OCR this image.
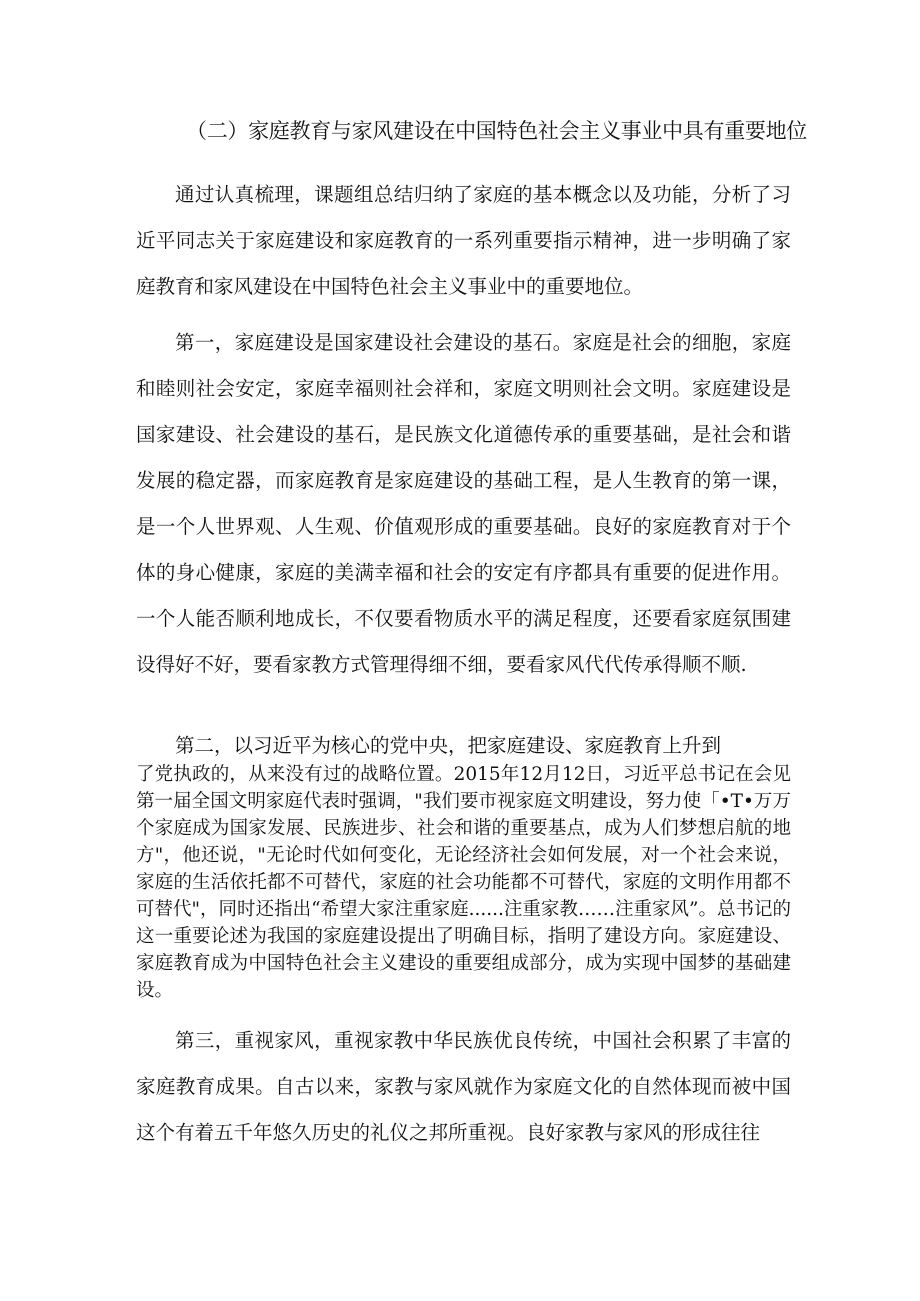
（二）家庭教育与家风建设在中国特色社会主义事业中具有重要地位

通过认真梳理，课题组总结归纳了家庭的基本概念以及功能，分析了习近平同志关于家庭建设和家庭教育的一系列重要指示精神，进一步明确了家庭教育和家风建设在中国特色社会主义事业中的重要地位。

第一，家庭建设是国家建设社会建设的基石。家庭是社会的细胞，家庭和睦则社会安定，家庭幸福则社会祥和，家庭文明则社会文明。家庭建设是国家建设、社会建设的基石，是民族文化道德传承的重要基础，是社会和谐发展的稳定器，而家庭教育是家庭建设的基础工程，是人生教育的第一课，是一个人世界观、人生观、价值观形成的重要基础。良好的家庭教育对于个体的身心健康，家庭的美满幸福和社会的安定有序都具有重要的促进作用。一个人能否顺利地成长，不仅要看物质水平的满足程度，还要看家庭氛围建设得好不好，要看家教方式管理得细不细，要看家风代代传承得顺不顺.

第二，以习近平为核心的党中央，把家庭建设、家庭教育上升到

了党执政的，从来没有过的战略位置。2015年12月12日，习近平总书记在会见第一届全国文明家庭代表时强调，"我们要市视家庭文明建设，努力使「•T•万万个家庭成为国家发展、民族进步、社会和谐的重要基点，成为人们梦想启航的地方"，他还说，"无论时代如何变化，无论经济社会如何发展，对一个社会来说，家庭的生活依托都不可替代，家庭的社会功能都不可替代，家庭的文明作用都不可替代"，同时还指出“希望大家注重家庭......注重家教……注重家风”。总书记的这一重要论述为我国的家庭建设提出了明确目标，指明了建设方向。家庭建设、家庭教育成为中国特色社会主义建设的重要组成部分，成为实现中国梦的基础建设。

第三，重视家风，重视家教中华民族优良传统，中国社会积累了丰富的家庭教育成果。自古以来，家教与家风就作为家庭文化的自然体现而被中国这个有着五千年悠久历史的礼仪之邦所重视。良好家教与家风的形成往往
